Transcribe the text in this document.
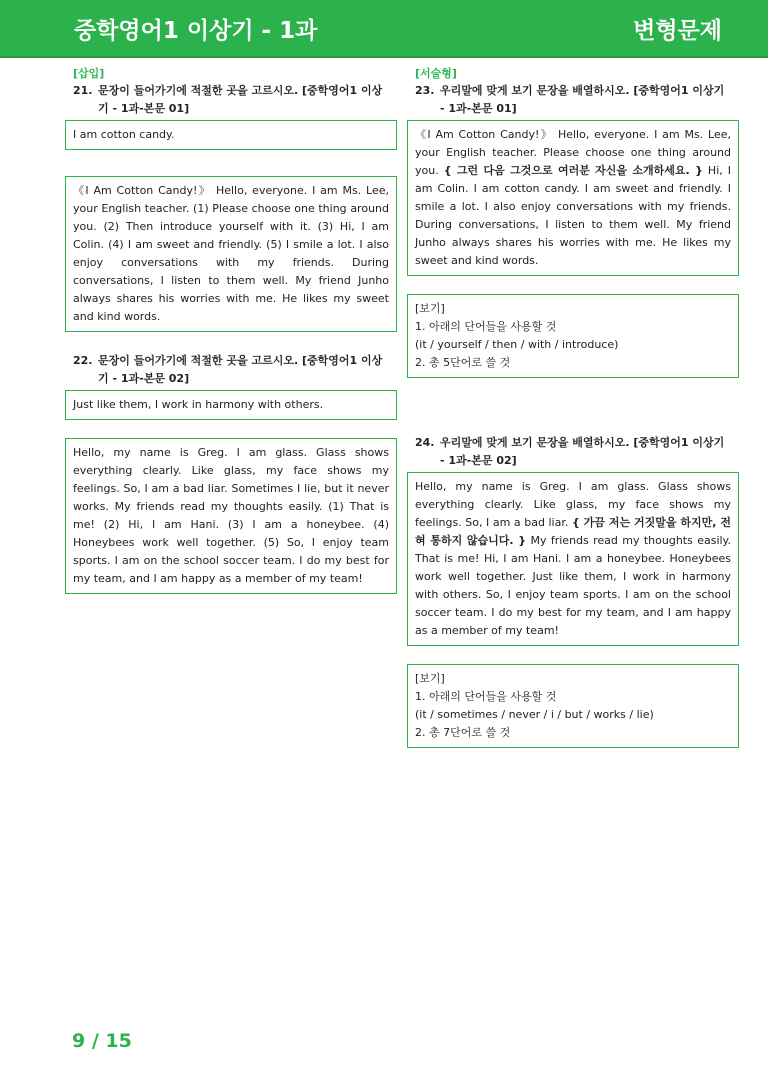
중학영어1 이상기 - 1과	변형문제
[삽입]
21. 문장이 들어가기에 적절한 곳을 고르시오. [중학영어1 이상기 - 1과-본문 01]
I am cotton candy.
《I Am Cotton Candy!》 Hello, everyone. I am Ms. Lee, your English teacher. (1) Please choose one thing around you. (2) Then introduce yourself with it. (3) Hi, I am Colin. (4) I am sweet and friendly. (5) I smile a lot. I also enjoy conversations with my friends. During conversations, I listen to them well. My friend Junho always shares his worries with me. He likes my sweet and kind words.
22. 문장이 들어가기에 적절한 곳을 고르시오. [중학영어1 이상기 - 1과-본문 02]
Just like them, I work in harmony with others.
Hello, my name is Greg. I am glass. Glass shows everything clearly. Like glass, my face shows my feelings. So, I am a bad liar. Sometimes I lie, but it never works. My friends read my thoughts easily. (1) That is me! (2) Hi, I am Hani. (3) I am a honeybee. (4) Honeybees work well together. (5) So, I enjoy team sports. I am on the school soccer team. I do my best for my team, and I am happy as a member of my team!
[서술형]
23. 우리말에 맞게 보기 문장을 배열하시오. [중학영어1 이상기 - 1과-본문 01]
《I Am Cotton Candy!》 Hello, everyone. I am Ms. Lee, your English teacher. Please choose one thing around you. { 그런 다음 그것으로 여러분 자신을 소개하세요. } Hi, I am Colin. I am cotton candy. I am sweet and friendly. I smile a lot. I also enjoy conversations with my friends. During conversations, I listen to them well. My friend Junho always shares his worries with me. He likes my sweet and kind words.
[보기]
1. 아래의 단어들을 사용할 것
(it / yourself / then / with / introduce)
2. 총 5단어로 쓸 것
24. 우리말에 맞게 보기 문장을 배열하시오. [중학영어1 이상기 - 1과-본문 02]
Hello, my name is Greg. I am glass. Glass shows everything clearly. Like glass, my face shows my feelings. So, I am a bad liar. { 가끔 저는 거짓말을 하지만, 전혀 통하지 않습니다. } My friends read my thoughts easily. That is me! Hi, I am Hani. I am a honeybee. Honeybees work well together. Just like them, I work in harmony with others. So, I enjoy team sports. I am on the school soccer team. I do my best for my team, and I am happy as a member of my team!
[보기]
1. 아래의 단어들을 사용할 것
(it / sometimes / never / i / but / works / lie)
2. 총 7단어로 쓸 것
9 / 15
